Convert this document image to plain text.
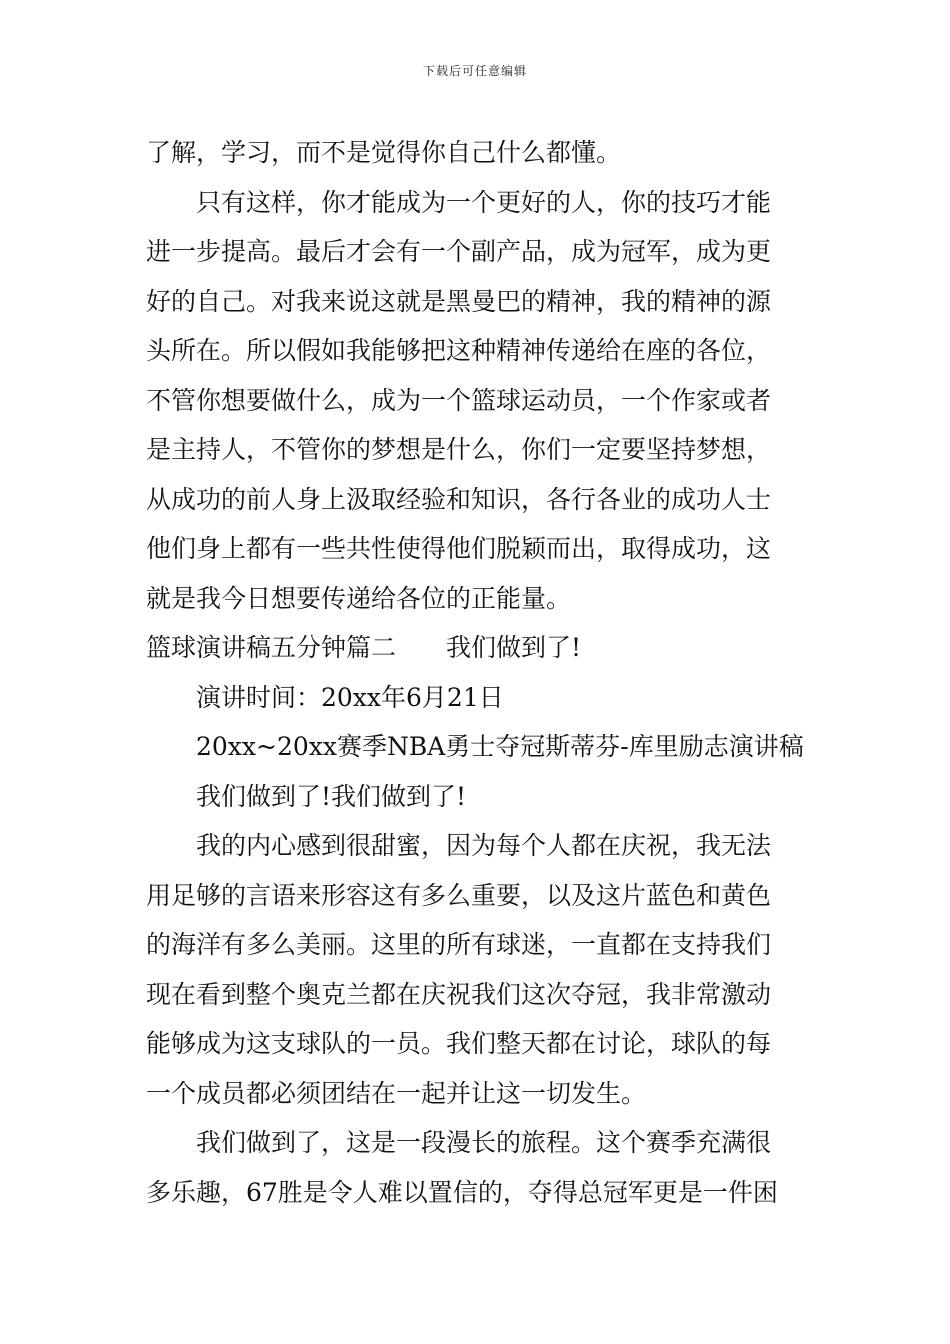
下载后可任意编辑
了解，学习，而不是觉得你自己什么都懂。
只有这样，你才能成为一个更好的人，你的技巧才能
进一步提高。最后才会有一个副产品，成为冠军，成为更
好的自己。对我来说这就是黑曼巴的精神，我的精神的源
头所在。所以假如我能够把这种精神传递给在座的各位，
不管你想要做什么，成为一个篮球运动员，一个作家或者
是主持人，不管你的梦想是什么，你们一定要坚持梦想，
从成功的前人身上汲取经验和知识，各行各业的成功人士
他们身上都有一些共性使得他们脱颖而出，取得成功，这
就是我今日想要传递给各位的正能量。
篮球演讲稿五分钟篇二 我们做到了!
演讲时间：20xx年6月21日
20xx~20xx赛季NBA勇士夺冠斯蒂芬-库里励志演讲稿
我们做到了!我们做到了!
我的内心感到很甜蜜，因为每个人都在庆祝，我无法
用足够的言语来形容这有多么重要，以及这片蓝色和黄色
的海洋有多么美丽。这里的所有球迷，一直都在支持我们
现在看到整个奥克兰都在庆祝我们这次夺冠，我非常激动
能够成为这支球队的一员。我们整天都在讨论，球队的每
一个成员都必须团结在一起并让这一切发生。
我们做到了，这是一段漫长的旅程。这个赛季充满很
多乐趣，67胜是令人难以置信的，夺得总冠军更是一件困
